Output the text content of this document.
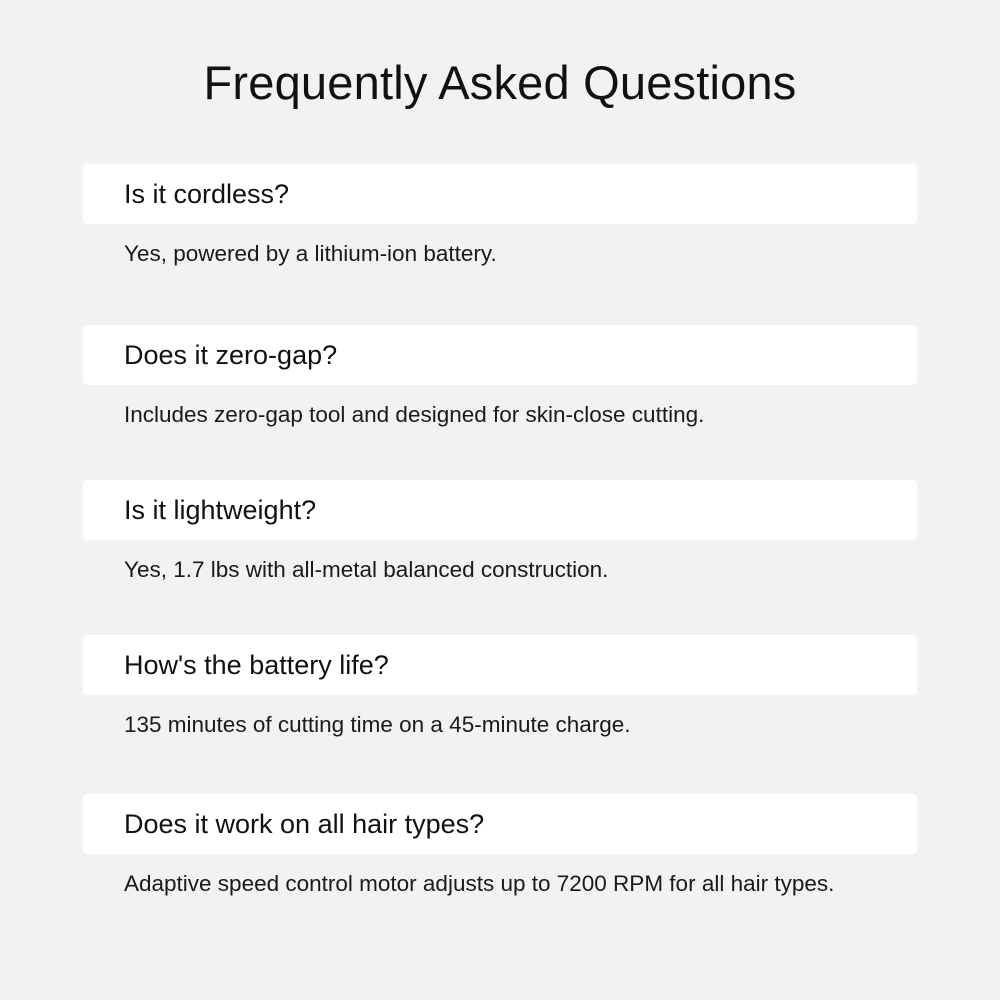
Frequently Asked Questions
Is it cordless?
Yes, powered by a lithium-ion battery.
Does it zero-gap?
Includes zero-gap tool and designed for skin-close cutting.
Is it lightweight?
Yes, 1.7 lbs with all-metal balanced construction.
How's the battery life?
135 minutes of cutting time on a 45-minute charge.
Does it work on all hair types?
Adaptive speed control motor adjusts up to 7200 RPM for all hair types.
